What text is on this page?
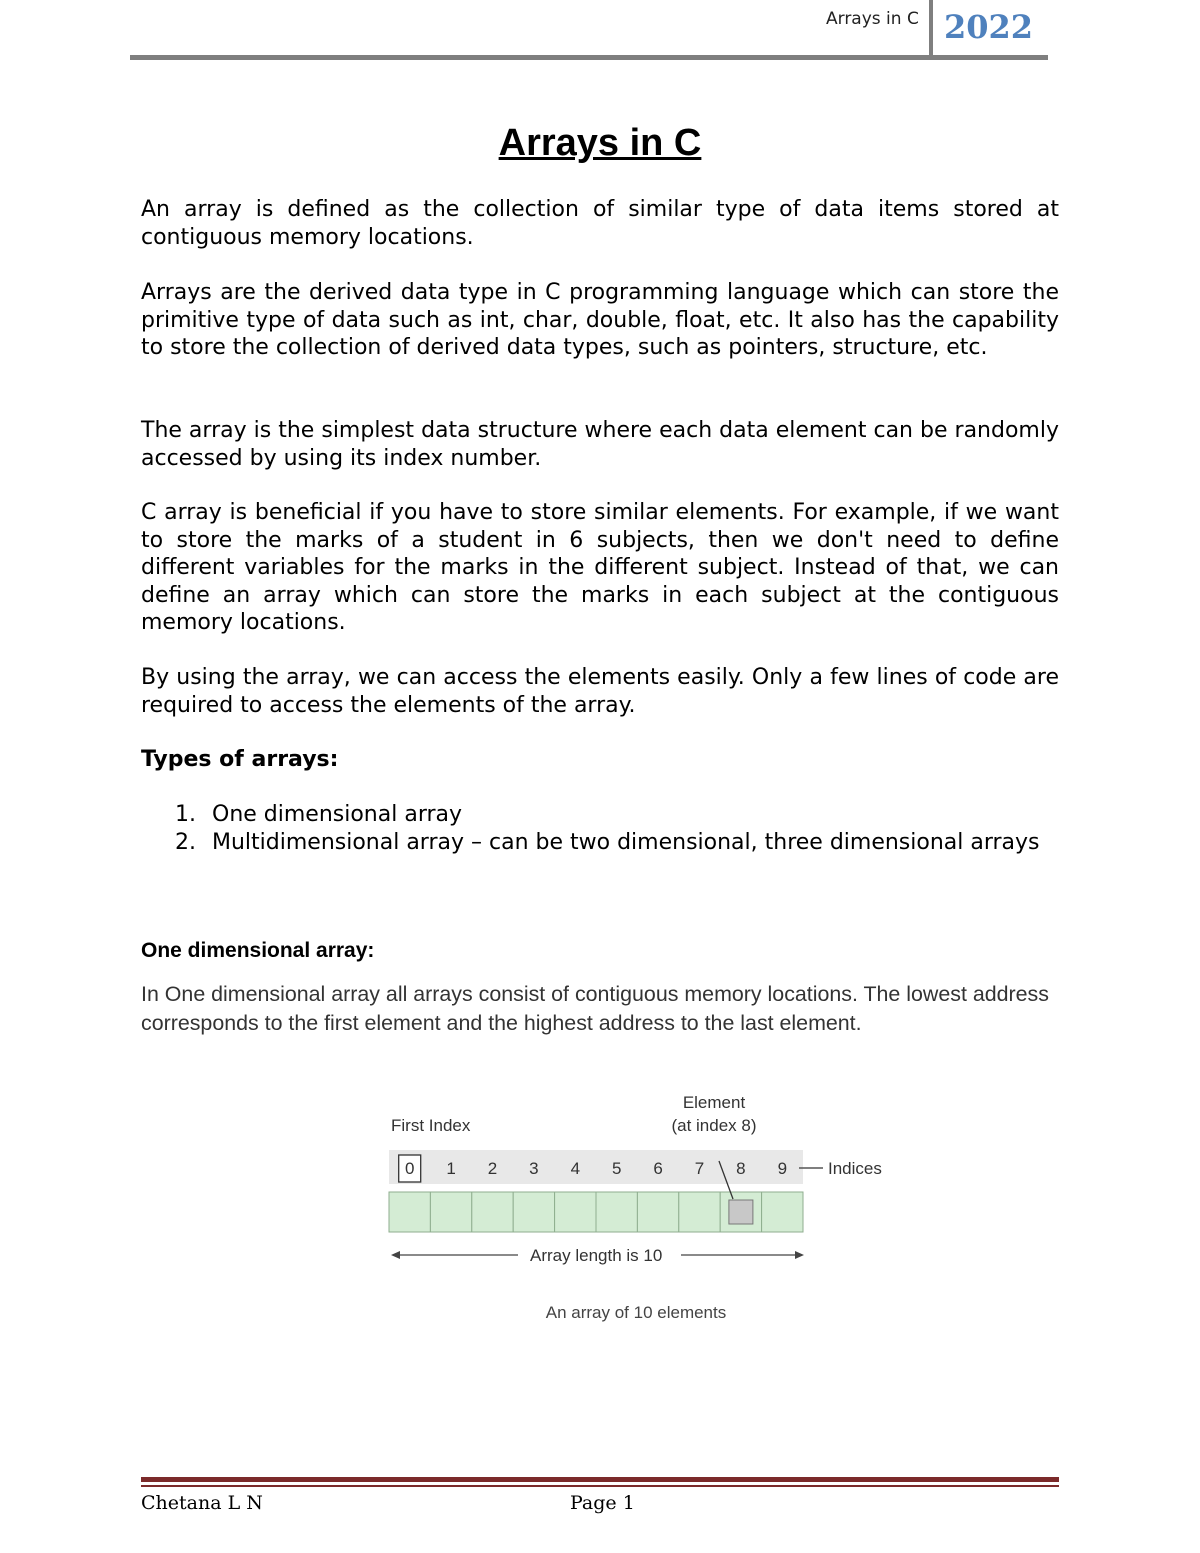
Arrays in C 2022
Arrays in C

An array is defined as the collection of similar type of data items stored at contiguous memory locations.

Arrays are the derived data type in C programming language which can store the primitive type of data such as int, char, double, float, etc. It also has the capability to store the collection of derived data types, such as pointers, structure, etc.

The array is the simplest data structure where each data element can be randomly accessed by using its index number.

C array is beneficial if you have to store similar elements. For example, if we want to store the marks of a student in 6 subjects, then we don't need to define different variables for the marks in the different subject. Instead of that, we can define an array which can store the marks in each subject at the contiguous memory locations.

By using the array, we can access the elements easily. Only a few lines of code are required to access the elements of the array.

Types of arrays:

1. One dimensional array
2. Multidimensional array – can be two dimensional, three dimensional arrays
One dimensional array:

In One dimensional array all arrays consist of contiguous memory locations. The lowest address corresponds to the first element and the highest address to the last element.

First Index
Element
(at index 8)
0 1 2 3 4 5 6 7 8 9 Indices
Array length is 10
An array of 10 elements
Chetana L N	Page 1
